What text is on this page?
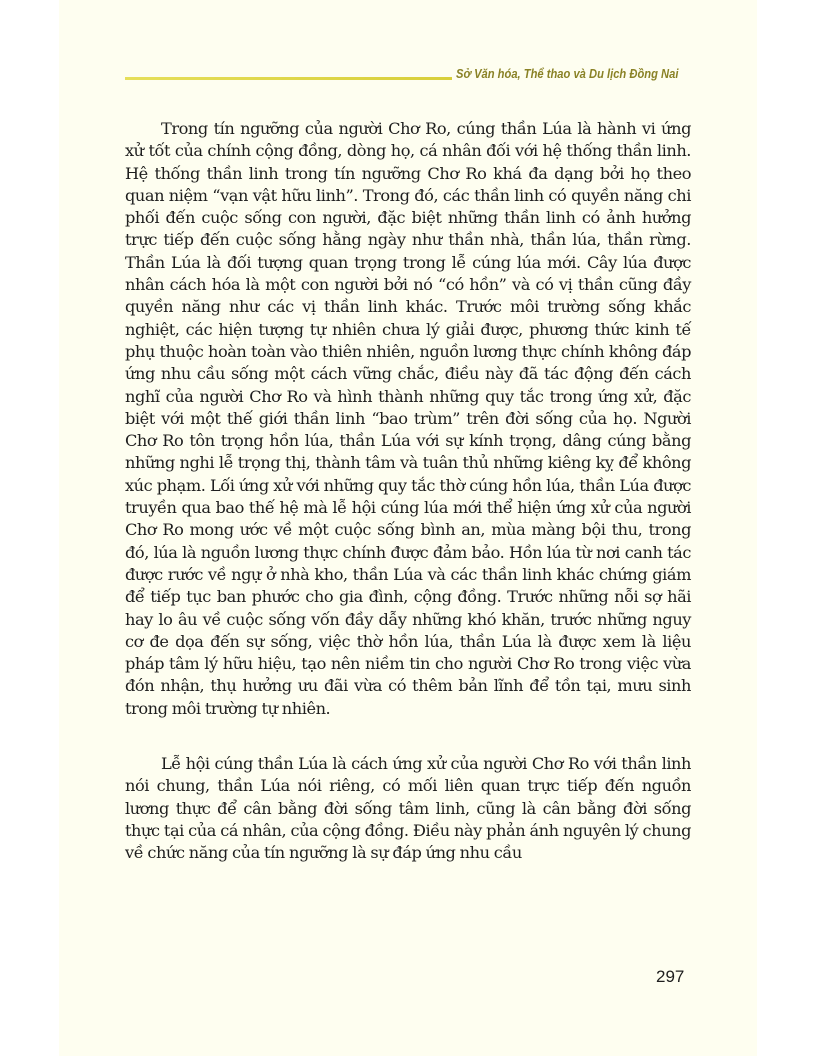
Sở Văn hóa, Thể thao và Du lịch Đồng Nai

Trong tín ngưỡng của người Chơ Ro, cúng thần Lúa là hành vi ứng xử tốt của chính cộng đồng, dòng họ, cá nhân đối với hệ thống thần linh. Hệ thống thần linh trong tín ngưỡng Chơ Ro khá đa dạng bởi họ theo quan niệm “vạn vật hữu linh”. Trong đó, các thần linh có quyền năng chi phối đến cuộc sống con người, đặc biệt những thần linh có ảnh hưởng trực tiếp đến cuộc sống hằng ngày như thần nhà, thần lúa, thần rừng. Thần Lúa là đối tượng quan trọng trong lễ cúng lúa mới. Cây lúa được nhân cách hóa là một con người bởi nó “có hồn” và có vị thần cũng đầy quyền năng như các vị thần linh khác. Trước môi trường sống khắc nghiệt, các hiện tượng tự nhiên chưa lý giải được, phương thức kinh tế phụ thuộc hoàn toàn vào thiên nhiên, nguồn lương thực chính không đáp ứng nhu cầu sống một cách vững chắc, điều này đã tác động đến cách nghĩ của người Chơ Ro và hình thành những quy tắc trong ứng xử, đặc biệt với một thế giới thần linh “bao trùm” trên đời sống của họ. Người Chơ Ro tôn trọng hồn lúa, thần Lúa với sự kính trọng, dâng cúng bằng những nghi lễ trọng thị, thành tâm và tuân thủ những kiêng kỵ để không xúc phạm. Lối ứng xử với những quy tắc thờ cúng hồn lúa, thần Lúa được truyền qua bao thế hệ mà lễ hội cúng lúa mới thể hiện ứng xử của người Chơ Ro mong ước về một cuộc sống bình an, mùa màng bội thu, trong đó, lúa là nguồn lương thực chính được đảm bảo. Hồn lúa từ nơi canh tác được rước về ngự ở nhà kho, thần Lúa và các thần linh khác chứng giám để tiếp tục ban phước cho gia đình, cộng đồng. Trước những nỗi sợ hãi hay lo âu về cuộc sống vốn đầy dẫy những khó khăn, trước những nguy cơ đe dọa đến sự sống, việc thờ hồn lúa, thần Lúa là được xem là liệu pháp tâm lý hữu hiệu, tạo nên niềm tin cho người Chơ Ro trong việc vừa đón nhận, thụ hưởng ưu đãi vừa có thêm bản lĩnh để tồn tại, mưu sinh trong môi trường tự nhiên.

Lễ hội cúng thần Lúa là cách ứng xử của người Chơ Ro với thần linh nói chung, thần Lúa nói riêng, có mối liên quan trực tiếp đến nguồn lương thực để cân bằng đời sống tâm linh, cũng là cân bằng đời sống thực tại của cá nhân, của cộng đồng. Điều này phản ánh nguyên lý chung về chức năng của tín ngưỡng là sự đáp ứng nhu cầu

297
